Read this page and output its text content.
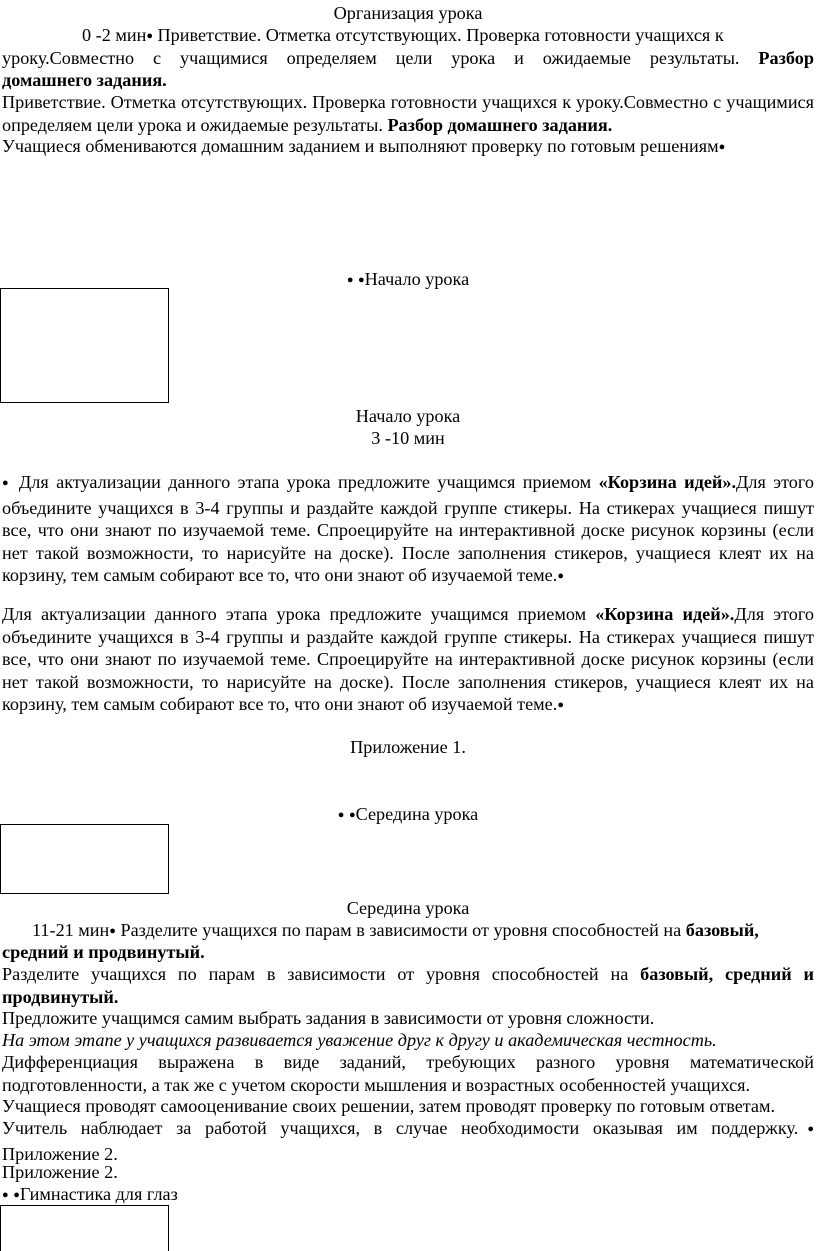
Организация урока
0 -2 мин● Приветствие. Отметка отсутствующих. Проверка готовности учащихся к
уроку.Совместно с учащимися определяем цели урока и ожидаемые результаты. Разбор
домашнего задания.
Приветствие. Отметка отсутствующих. Проверка готовности учащихся к уроку.Совместно с учащимися определяем цели урока и ожидаемые результаты. Разбор домашнего задания.
Учащиеся обмениваются домашним заданием и выполняют проверку по готовым решениям●
● ●Начало урока
Начало урока
3 -10 мин
● Для актуализации данного этапа урока предложите учащимся приемом «Корзина идей».Для этого объедините учащихся в 3-4 группы и раздайте каждой группе стикеры. На стикерах учащиеся пишут все, что они знают по изучаемой теме. Спроецируйте на интерактивной доске рисунок корзины (если нет такой возможности, то нарисуйте на доске). После заполнения стикеров, учащиеся клеят их на корзину, тем самым собирают все то, что они знают об изучаемой теме.●
Для актуализации данного этапа урока предложите учащимся приемом «Корзина идей».Для этого объедините учащихся в 3-4 группы и раздайте каждой группе стикеры. На стикерах учащиеся пишут все, что они знают по изучаемой теме. Спроецируйте на интерактивной доске рисунок корзины (если нет такой возможности, то нарисуйте на доске). После заполнения стикеров, учащиеся клеят их на корзину, тем самым собирают все то, что они знают об изучаемой теме.●
Приложение 1.
● ●Середина урока
Середина урока
11-21 мин● Разделите учащихся по парам в зависимости от уровня способностей на базовый,
средний и продвинутый.
Разделите учащихся по парам в зависимости от уровня способностей на базовый, средний и продвинутый.
Предложите учащимся самим выбрать задания в зависимости от уровня сложности.
На этом этапе у учащихся развивается уважение друг к другу и академическая честность.
Дифференциация выражена в виде заданий, требующих разного уровня математической подготовленности, а так же с учетом скорости мышления и возрастных особенностей учащихся.
Учащиеся проводят самооценивание своих решении, затем проводят проверку по готовым ответам.
Учитель наблюдает за работой учащихся, в случае необходимости оказывая им поддержку.● Приложение 2.
Приложение 2.
● ●Гимнастика для глаз
